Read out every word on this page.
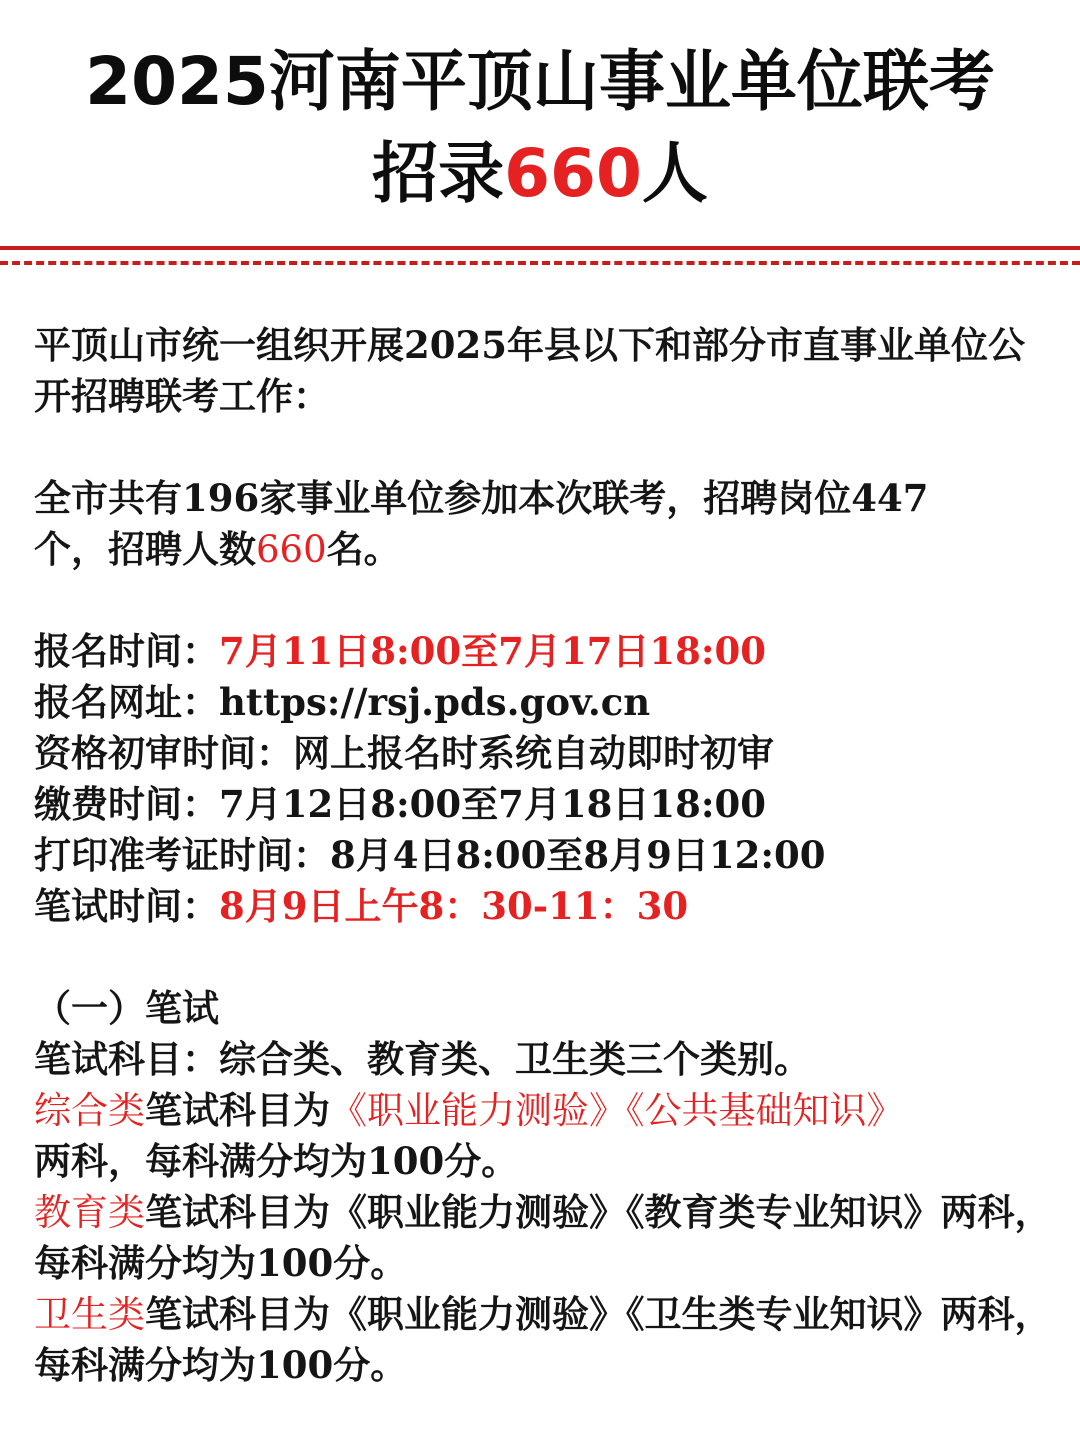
2025河南平顶山事业单位联考
招录660人

平顶山市统一组织开展2025年县以下和部分市直事业单位公开招聘联考工作：

全市共有196家事业单位参加本次联考，招聘岗位447
个，招聘人数660名。

报名时间：7月11日8:00至7月17日18:00
报名网址：https://rsj.pds.gov.cn
资格初审时间：网上报名时系统自动即时初审
缴费时间：7月12日8:00至7月18日18:00
打印准考证时间：8月4日8:00至8月9日12:00
笔试时间：8月9日上午8：30-11：30
（一）笔试
笔试科目：综合类、教育类、卫生类三个类别。
综合类笔试科目为《职业能力测验》《公共基础知识》
两科，每科满分均为100分。
教育类笔试科目为《职业能力测验》《教育类专业知识》两科，每科满分均为100分。
卫生类笔试科目为《职业能力测验》《卫生类专业知识》两科，每科满分均为100分。
